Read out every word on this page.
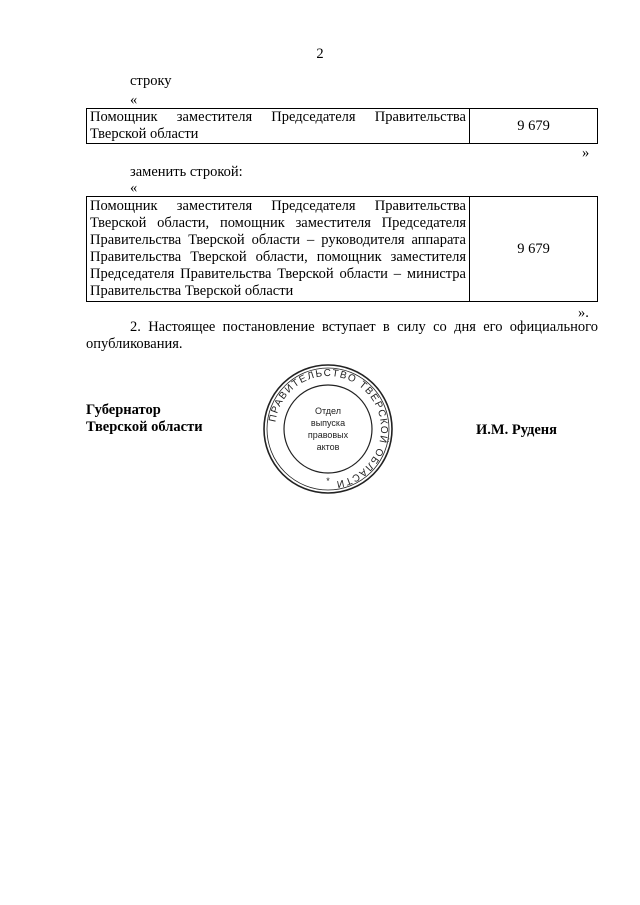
2
строку
«
Помощник заместителя Председателя Правительства Тверской области	9 679
»
заменить строкой:
«
Помощник заместителя Председателя Правительства Тверской области, помощник заместителя Председателя Правительства Тверской области – руководителя аппарата Правительства Тверской области, помощник заместителя Председателя Правительства Тверской области – министра Правительства Тверской области	9 679
».
2. Настоящее постановление вступает в силу со дня его официального опубликования.
Губернатор
Тверской области
ПРАВИТЕЛЬСТВО ТВЕРСКОЙ ОБЛАСТИ
Отдел
выпуска
правовых
актов
*
И.М. Руденя
